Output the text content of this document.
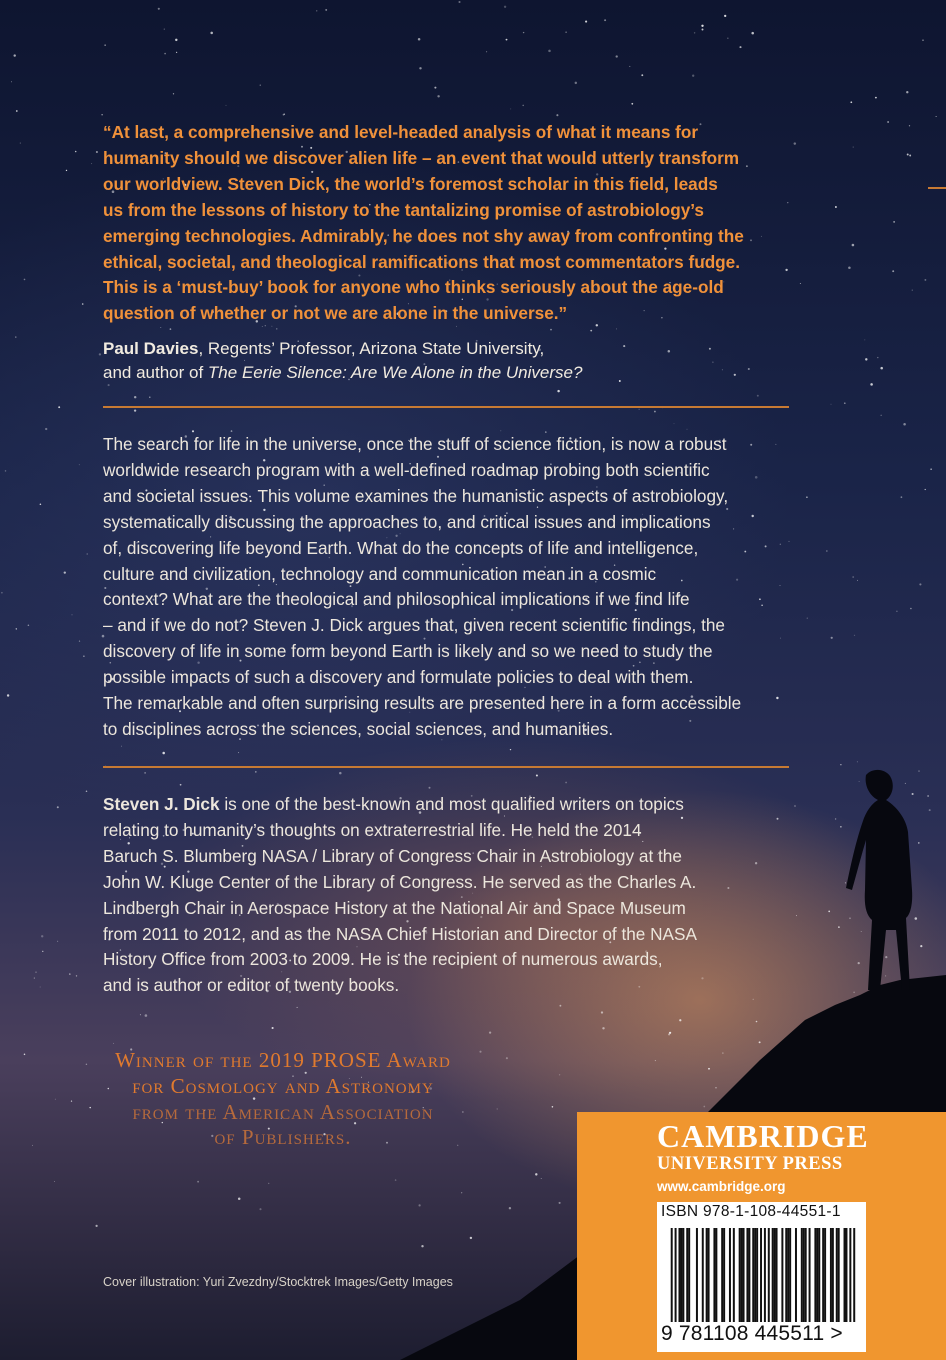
“At last, a comprehensive and level-headed analysis of what it means for
humanity should we discover alien life – an event that would utterly transform
our worldview. Steven Dick, the world’s foremost scholar in this field, leads
us from the lessons of history to the tantalizing promise of astrobiology’s
emerging technologies. Admirably, he does not shy away from confronting the
ethical, societal, and theological ramifications that most commentators fudge.
This is a ‘must-buy’ book for anyone who thinks seriously about the age-old
question of whether or not we are alone in the universe.”

Paul Davies, Regents’ Professor, Arizona State University,
and author of The Eerie Silence: Are We Alone in the Universe?

The search for life in the universe, once the stuff of science fiction, is now a robust
worldwide research program with a well-defined roadmap probing both scientific
and societal issues. This volume examines the humanistic aspects of astrobiology,
systematically discussing the approaches to, and critical issues and implications
of, discovering life beyond Earth. What do the concepts of life and intelligence,
culture and civilization, technology and communication mean in a cosmic
context? What are the theological and philosophical implications if we find life
– and if we do not? Steven J. Dick argues that, given recent scientific findings, the
discovery of life in some form beyond Earth is likely and so we need to study the
possible impacts of such a discovery and formulate policies to deal with them.
The remarkable and often surprising results are presented here in a form accessible
to disciplines across the sciences, social sciences, and humanities.

Steven J. Dick is one of the best-known and most qualified writers on topics
relating to humanity’s thoughts on extraterrestrial life. He held the 2014
Baruch S. Blumberg NASA / Library of Congress Chair in Astrobiology at the
John W. Kluge Center of the Library of Congress. He served as the Charles A.
Lindbergh Chair in Aerospace History at the National Air and Space Museum
from 2011 to 2012, and as the NASA Chief Historian and Director of the NASA
History Office from 2003 to 2009. He is the recipient of numerous awards,
and is author or editor of twenty books.

Winner of the 2019 PROSE Award
for Cosmology and Astronomy
from the American Association
of Publishers.
Cover illustration: Yuri Zvezdny/Stocktrek Images/Getty Images
CAMBRIDGE
UNIVERSITY PRESS
www.cambridge.org
ISBN 978-1-108-44551-1
9 781108 445511 >
